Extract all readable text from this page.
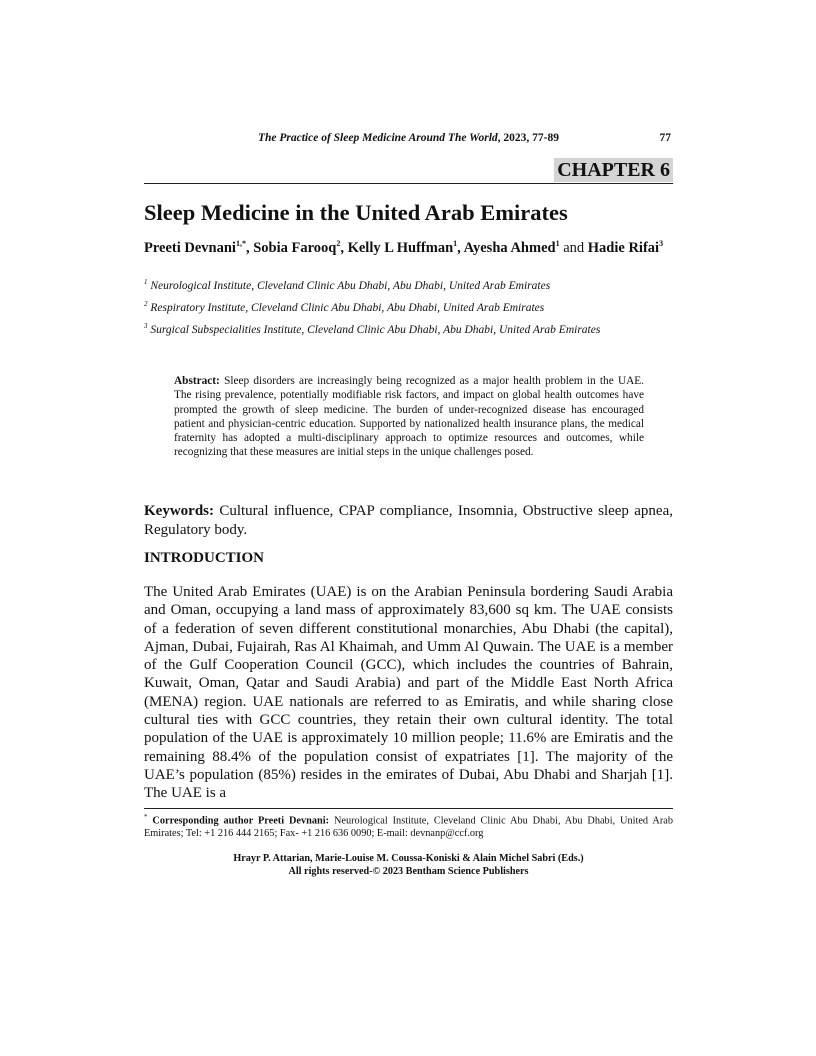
The Practice of Sleep Medicine Around The World, 2023, 77-89	77
CHAPTER 6
Sleep Medicine in the United Arab Emirates
Preeti Devnani$^{1,*}$, Sobia Farooq$^2$, Kelly L Huffman$^1$, Ayesha Ahmed$^1$ and Hadie Rifai$^3$

$^1$ Neurological Institute, Cleveland Clinic Abu Dhabi, Abu Dhabi, United Arab Emirates

$^2$ Respiratory Institute, Cleveland Clinic Abu Dhabi, Abu Dhabi, United Arab Emirates

$^3$ Surgical Subspecialities Institute, Cleveland Clinic Abu Dhabi, Abu Dhabi, United Arab Emirates

Abstract: Sleep disorders are increasingly being recognized as a major health problem in the UAE. The rising prevalence, potentially modifiable risk factors, and impact on global health outcomes have prompted the growth of sleep medicine. The burden of under-recognized disease has encouraged patient and physician-centric education. Supported by nationalized health insurance plans, the medical fraternity has adopted a multi-disciplinary approach to optimize resources and outcomes, while recognizing that these measures are initial steps in the unique challenges posed.

Keywords: Cultural influence, CPAP compliance, Insomnia, Obstructive sleep apnea, Regulatory body.

INTRODUCTION

The United Arab Emirates (UAE) is on the Arabian Peninsula bordering Saudi Arabia and Oman, occupying a land mass of approximately 83,600 sq km. The UAE consists of a federation of seven different constitutional monarchies, Abu Dhabi (the capital), Ajman, Dubai, Fujairah, Ras Al Khaimah, and Umm Al Quwain. The UAE is a member of the Gulf Cooperation Council (GCC), which includes the countries of Bahrain, Kuwait, Oman, Qatar and Saudi Arabia) and part of the Middle East North Africa (MENA) region. UAE nationals are referred to as Emiratis, and while sharing close cultural ties with GCC countries, they retain their own cultural identity. The total population of the UAE is approximately 10 million people; 11.6% are Emiratis and the remaining 88.4% of the population consist of expatriates [1]. The majority of the UAE’s population (85%) resides in the emirates of Dubai, Abu Dhabi and Sharjah [1]. The UAE is a

* Corresponding author Preeti Devnani: Neurological Institute, Cleveland Clinic Abu Dhabi, Abu Dhabi, United Arab Emirates; Tel: +1 216 444 2165; Fax- +1 216 636 0090; E-mail: devnanp@ccf.org

Hrayr P. Attarian, Marie-Louise M. Coussa-Koniski & Alain Michel Sabri (Eds.)
All rights reserved-© 2023 Bentham Science Publishers
